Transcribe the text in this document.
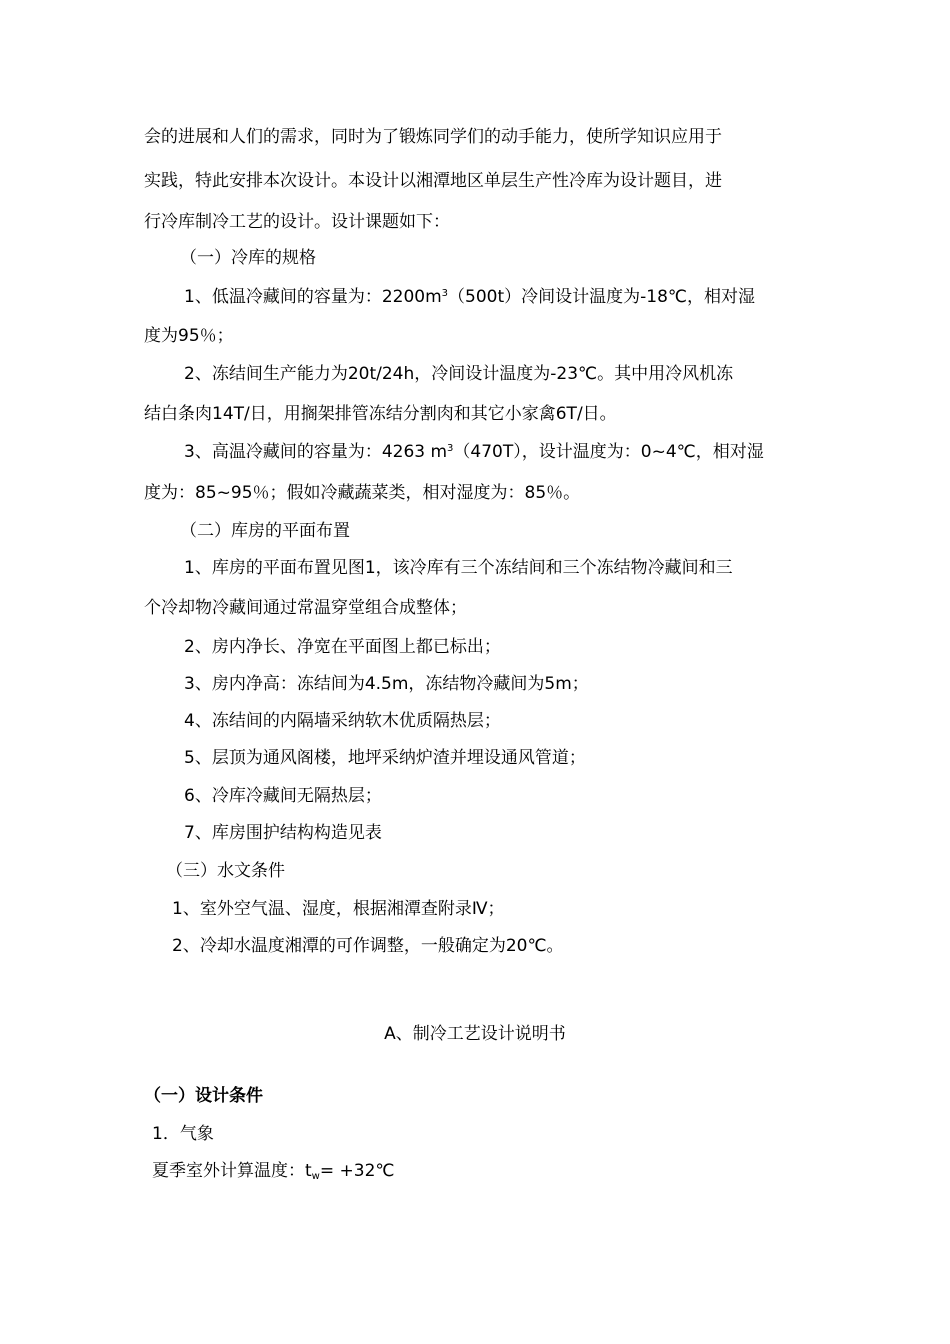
会的进展和人们的需求，同时为了锻炼同学们的动手能力，使所学知识应用于
实践，特此安排本次设计。本设计以湘潭地区单层生产性冷库为设计题目，进
行冷库制冷工艺的设计。设计课题如下：
（一）冷库的规格
1、低温冷藏间的容量为：$2200m^3(500t)$冷间设计温度为-18℃，相对湿
度为95％；
2、冻结间生产能力为20t/24h，冷间设计温度为-23℃。其中用冷风机冻
结白条肉14T/日，用搁架排管冻结分割肉和其它小家禽6T/日。
3、高温冷藏间的容量为：4263 $m^3(470T)$，设计温度为：0~4℃，相对湿
度为：85~95％；假如冷藏蔬菜类，相对湿度为：85％。
（二）库房的平面布置
1、库房的平面布置见图1，该冷库有三个冻结间和三个冻结物冷藏间和三
个冷却物冷藏间通过常温穿堂组合成整体；
2、房内净长、净宽在平面图上都已标出；
3、房内净高：冻结间为4.5m，冻结物冷藏间为5m；
4、冻结间的内隔墙采纳软木优质隔热层；
5、层顶为通风阁楼，地坪采纳炉渣并埋设通风管道；
6、冷库冷藏间无隔热层；
7、库房围护结构构造见表
（三）水文条件
1、室外空气温、湿度，根据湘潭查附录Ⅳ；
2、冷却水温度湘潭的可作调整，一般确定为20℃。
A、制冷工艺设计说明书
（一）设计条件
1．气象
夏季室外计算温度：$t_w=$ +32℃
